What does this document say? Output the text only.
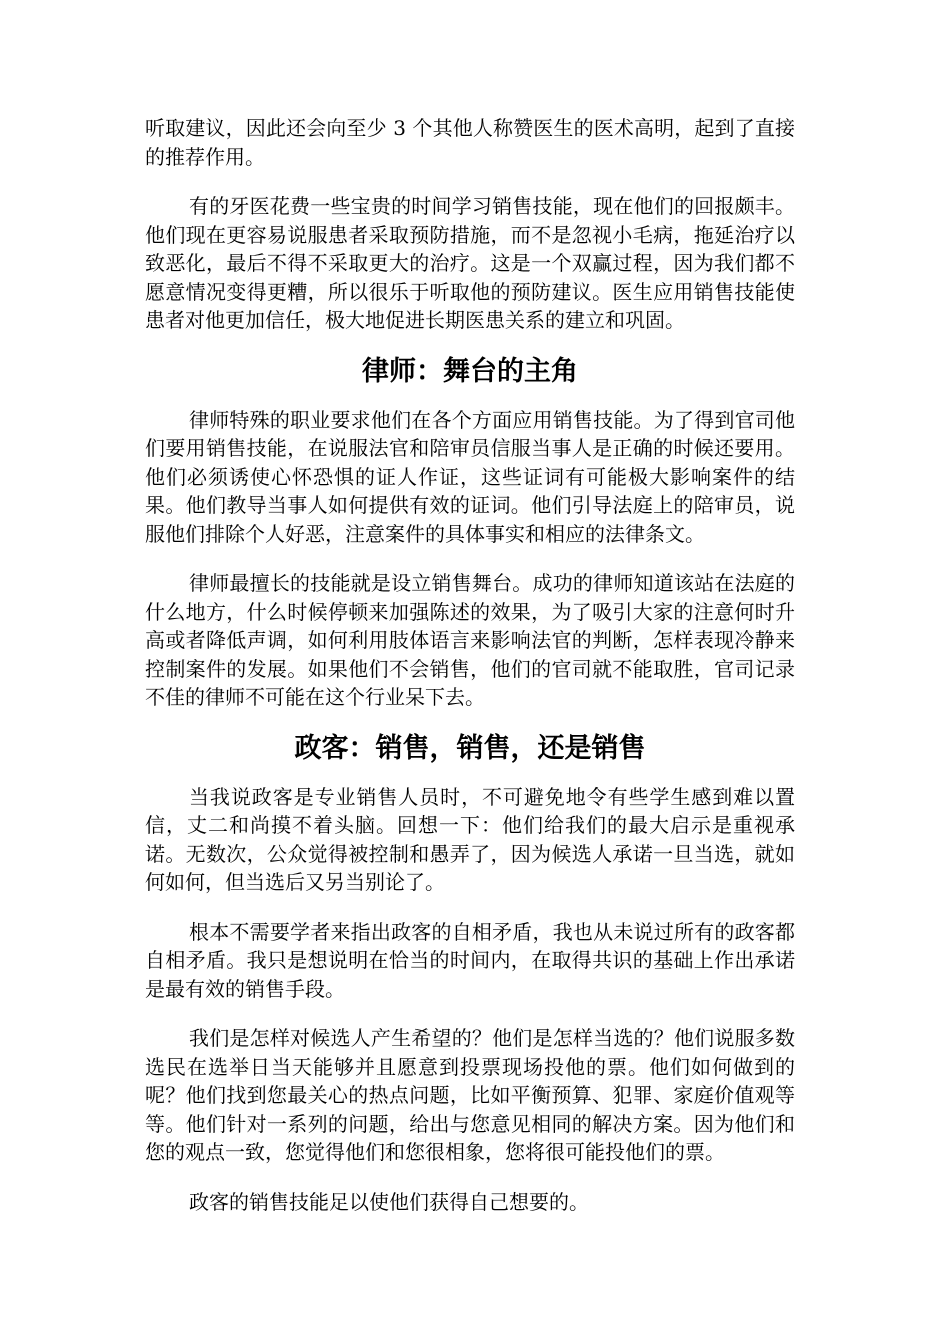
听取建议，因此还会向至少 3 个其他人称赞医生的医术高明，起到了直接的推荐作用。

有的牙医花费一些宝贵的时间学习销售技能，现在他们的回报颇丰。他们现在更容易说服患者采取预防措施，而不是忽视小毛病，拖延治疗以致恶化，最后不得不采取更大的治疗。这是一个双赢过程，因为我们都不愿意情况变得更糟，所以很乐于听取他的预防建议。医生应用销售技能使患者对他更加信任，极大地促进长期医患关系的建立和巩固。

律师：舞台的主角

律师特殊的职业要求他们在各个方面应用销售技能。为了得到官司他们要用销售技能，在说服法官和陪审员信服当事人是正确的时候还要用。他们必须诱使心怀恐惧的证人作证，这些证词有可能极大影响案件的结果。他们教导当事人如何提供有效的证词。他们引导法庭上的陪审员，说服他们排除个人好恶，注意案件的具体事实和相应的法律条文。

律师最擅长的技能就是设立销售舞台。成功的律师知道该站在法庭的什么地方，什么时候停顿来加强陈述的效果，为了吸引大家的注意何时升高或者降低声调，如何利用肢体语言来影响法官的判断，怎样表现冷静来控制案件的发展。如果他们不会销售，他们的官司就不能取胜，官司记录不佳的律师不可能在这个行业呆下去。

政客：销售，销售，还是销售

当我说政客是专业销售人员时，不可避免地令有些学生感到难以置信，丈二和尚摸不着头脑。回想一下：他们给我们的最大启示是重视承诺。无数次，公众觉得被控制和愚弄了，因为候选人承诺一旦当选，就如何如何，但当选后又另当别论了。

根本不需要学者来指出政客的自相矛盾，我也从未说过所有的政客都自相矛盾。我只是想说明在恰当的时间内，在取得共识的基础上作出承诺是最有效的销售手段。

我们是怎样对候选人产生希望的？他们是怎样当选的？他们说服多数选民在选举日当天能够并且愿意到投票现场投他的票。他们如何做到的呢？他们找到您最关心的热点问题，比如平衡预算、犯罪、家庭价值观等等。他们针对一系列的问题，给出与您意见相同的解决方案。因为他们和您的观点一致，您觉得他们和您很相象，您将很可能投他们的票。

政客的销售技能足以使他们获得自己想要的。
